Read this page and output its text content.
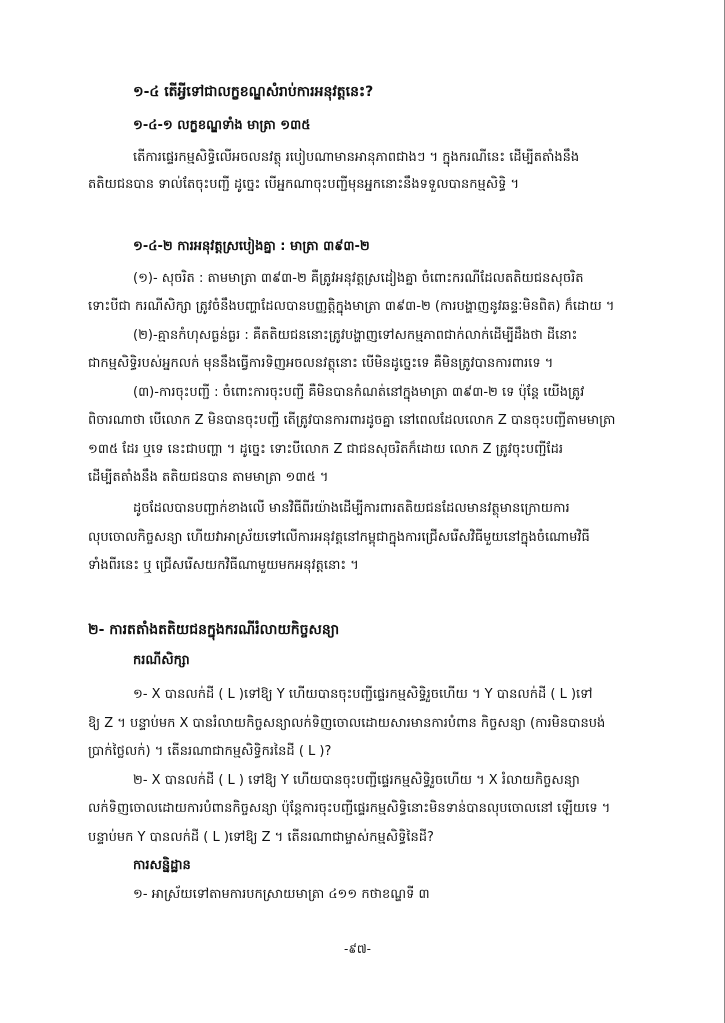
១-៤ តើអ្វីទៅជាលក្ខខណ្ឌសំរាប់ការអនុវត្តនេះ?
១-៤-១ លក្ខខណ្ឌទាំង មាត្រា ១៣៥
តើការផ្ទេរកម្មសិទ្ធិលើអចលនវត្ថុ របៀបណាមានអានុភាពជាងៗ ។ ក្នុងករណីនេះ ដើម្បីតតាំងនឹង
តតិយជនបាន ទាល់តែចុះបញ្ជី ដូច្នេះ បើអ្នកណាចុះបញ្ជីមុនអ្នកនោះនឹងទទួលបានកម្មសិទ្ធិ ។
១-៤-២ ការអនុវត្តស្របៀងគ្នា : មាត្រា ៣៩៣-២
(១)- សុចរិត : តាមមាត្រា ៣៩៣-២ គឺត្រូវអនុវត្តស្រដៀងគ្នា ចំពោះករណីដែលតតិយជនសុចរិត
ទោះបីជា ករណីសិក្សា ត្រូវចំនឹងបញ្ហាដែលបានបញ្ញត្តិក្នុងមាត្រា ៣៩៣-២ (ការបង្ហាញនូវឆន្ទៈមិនពិត) ក៏ដោយ ។
(២)-គ្មានកំហុសធ្ងន់ធ្ងរ : គឺតតិយជននោះត្រូវបង្ហាញទៅសកម្មភាពជាក់លាក់ដើម្បីដឹងថា ដីនោះ
ជាកម្មសិទ្ធិរបស់អ្នកលក់ មុននឹងធ្វើការទិញអចលនវត្ថុនោះ បើមិនដូច្នេះទេ គឺមិនត្រូវបានការពារទេ ។
(៣)-ការចុះបញ្ជី : ចំពោះការចុះបញ្ជី គឺមិនបានកំណត់នៅក្នុងមាត្រា ៣៩៣-២ ទេ ប៉ុន្តែ យើងត្រូវ
ពិចារណាថា បើលោក Z មិនបានចុះបញ្ជី តើត្រូវបានការពារដូចគ្នា នៅពេលដែលលោក Z បានចុះបញ្ជីតាមមាត្រា
១៣៥ ដែរ ឬទេ នេះជាបញ្ហា ។ ដូច្នេះ ទោះបីលោក Z ជាជនសុចរិតក៏ដោយ លោក Z ត្រូវចុះបញ្ជីដែរ
ដើម្បីតតាំងនឹង តតិយជនបាន តាមមាត្រា ១៣៥ ។
ដូចដែលបានបញ្ជាក់ខាងលើ មានវិធីពីរយ៉ាងដើម្បីការពារតតិយជនដែលមានវត្ថុមានក្រោយការ
លុបចោលកិច្ចសន្យា ហើយវាអាស្រ័យទៅលើការអនុវត្តនៅកម្ពុជាក្នុងការជ្រើសរើសវិធីមួយនៅក្នុងចំណោមវិធី
ទាំងពីរនេះ ឬ ជ្រើសរើសយកវិធីណាមួយមកអនុវត្តនោះ ។
២- ការតតាំងតតិយជនក្នុងករណីរំលាយកិច្ចសន្យា
ករណីសិក្សា
១- X បានលក់ដី ( L )ទៅឱ្យ Y ហើយបានចុះបញ្ជីផ្ទេរកម្មសិទ្ធិរួចហើយ ។ Y បានលក់ដី ( L )ទៅ
ឱ្យ Z ។ បន្ទាប់មក X បានរំលាយកិច្ចសន្យាលក់ទិញចោលដោយសារមានការបំពាន កិច្ចសន្យា (ការមិនបានបង់
ប្រាក់ថ្លៃលក់) ។ តើនរណាជាកម្មសិទ្ធិករនៃដី ( L )?
២- X បានលក់ដី ( L ) ទៅឱ្យ Y ហើយបានចុះបញ្ជីផ្ទេរកម្មសិទ្ធិរួចហើយ ។ X រំលាយកិច្ចសន្យា
លក់ទិញចោលដោយការបំពានកិច្ចសន្យា ប៉ុន្តែការចុះបញ្ជីផ្ទេរកម្មសិទ្ធិនោះមិនទាន់បានលុបចោលនៅ ឡើយទេ ។
បន្ទាប់មក Y បានលក់ដី ( L )ទៅឱ្យ Z ។ តើនរណាជាម្ចាស់កម្មសិទ្ធិនៃដី?
ការសន្និដ្ឋាន
១- អាស្រ័យទៅតាមការបកស្រាយមាត្រា ៤១១ កថាខណ្ឌទី ៣
-៩៧-
